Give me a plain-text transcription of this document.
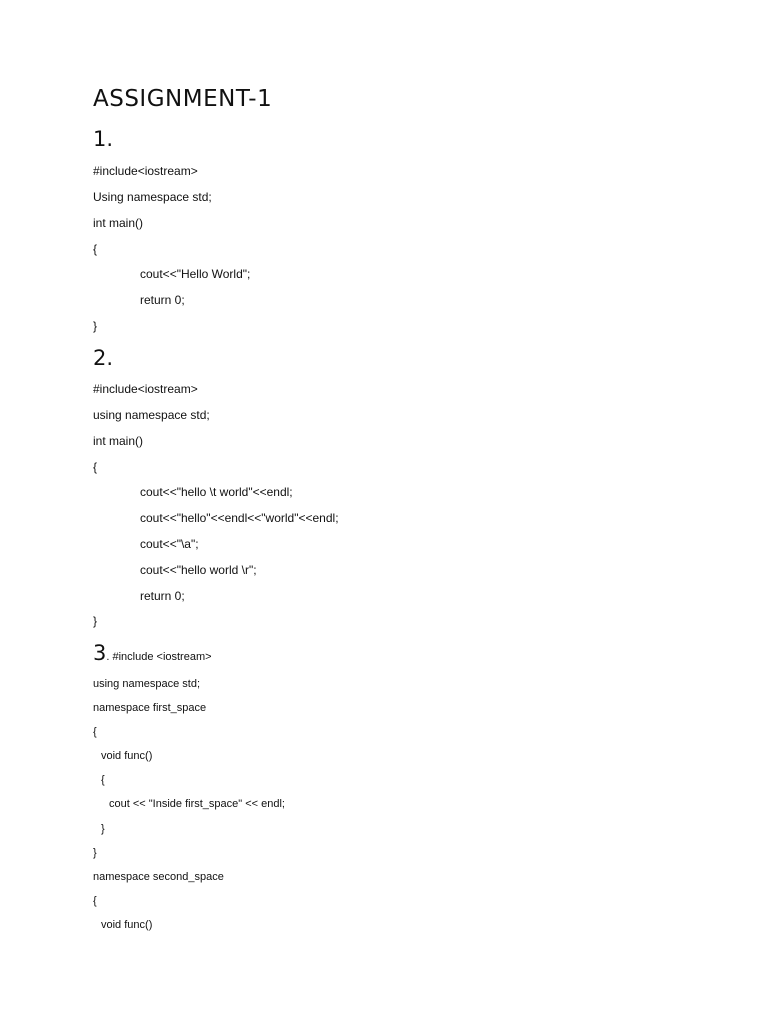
ASSIGNMENT-1
1.
#include<iostream>
Using namespace std;
int main()
{
cout<<"Hello World";
return 0;
}
2.
#include<iostream>
using namespace std;
int main()
{
cout<<"hello \t world"<<endl;
cout<<"hello"<<endl<<"world"<<endl;
cout<<"\a";
cout<<"hello world \r";
return 0;
}
3. #include <iostream>
using namespace std;
namespace first_space
{
void func()
{
cout << "Inside first_space" << endl;
}
}
namespace second_space
{
void func()
